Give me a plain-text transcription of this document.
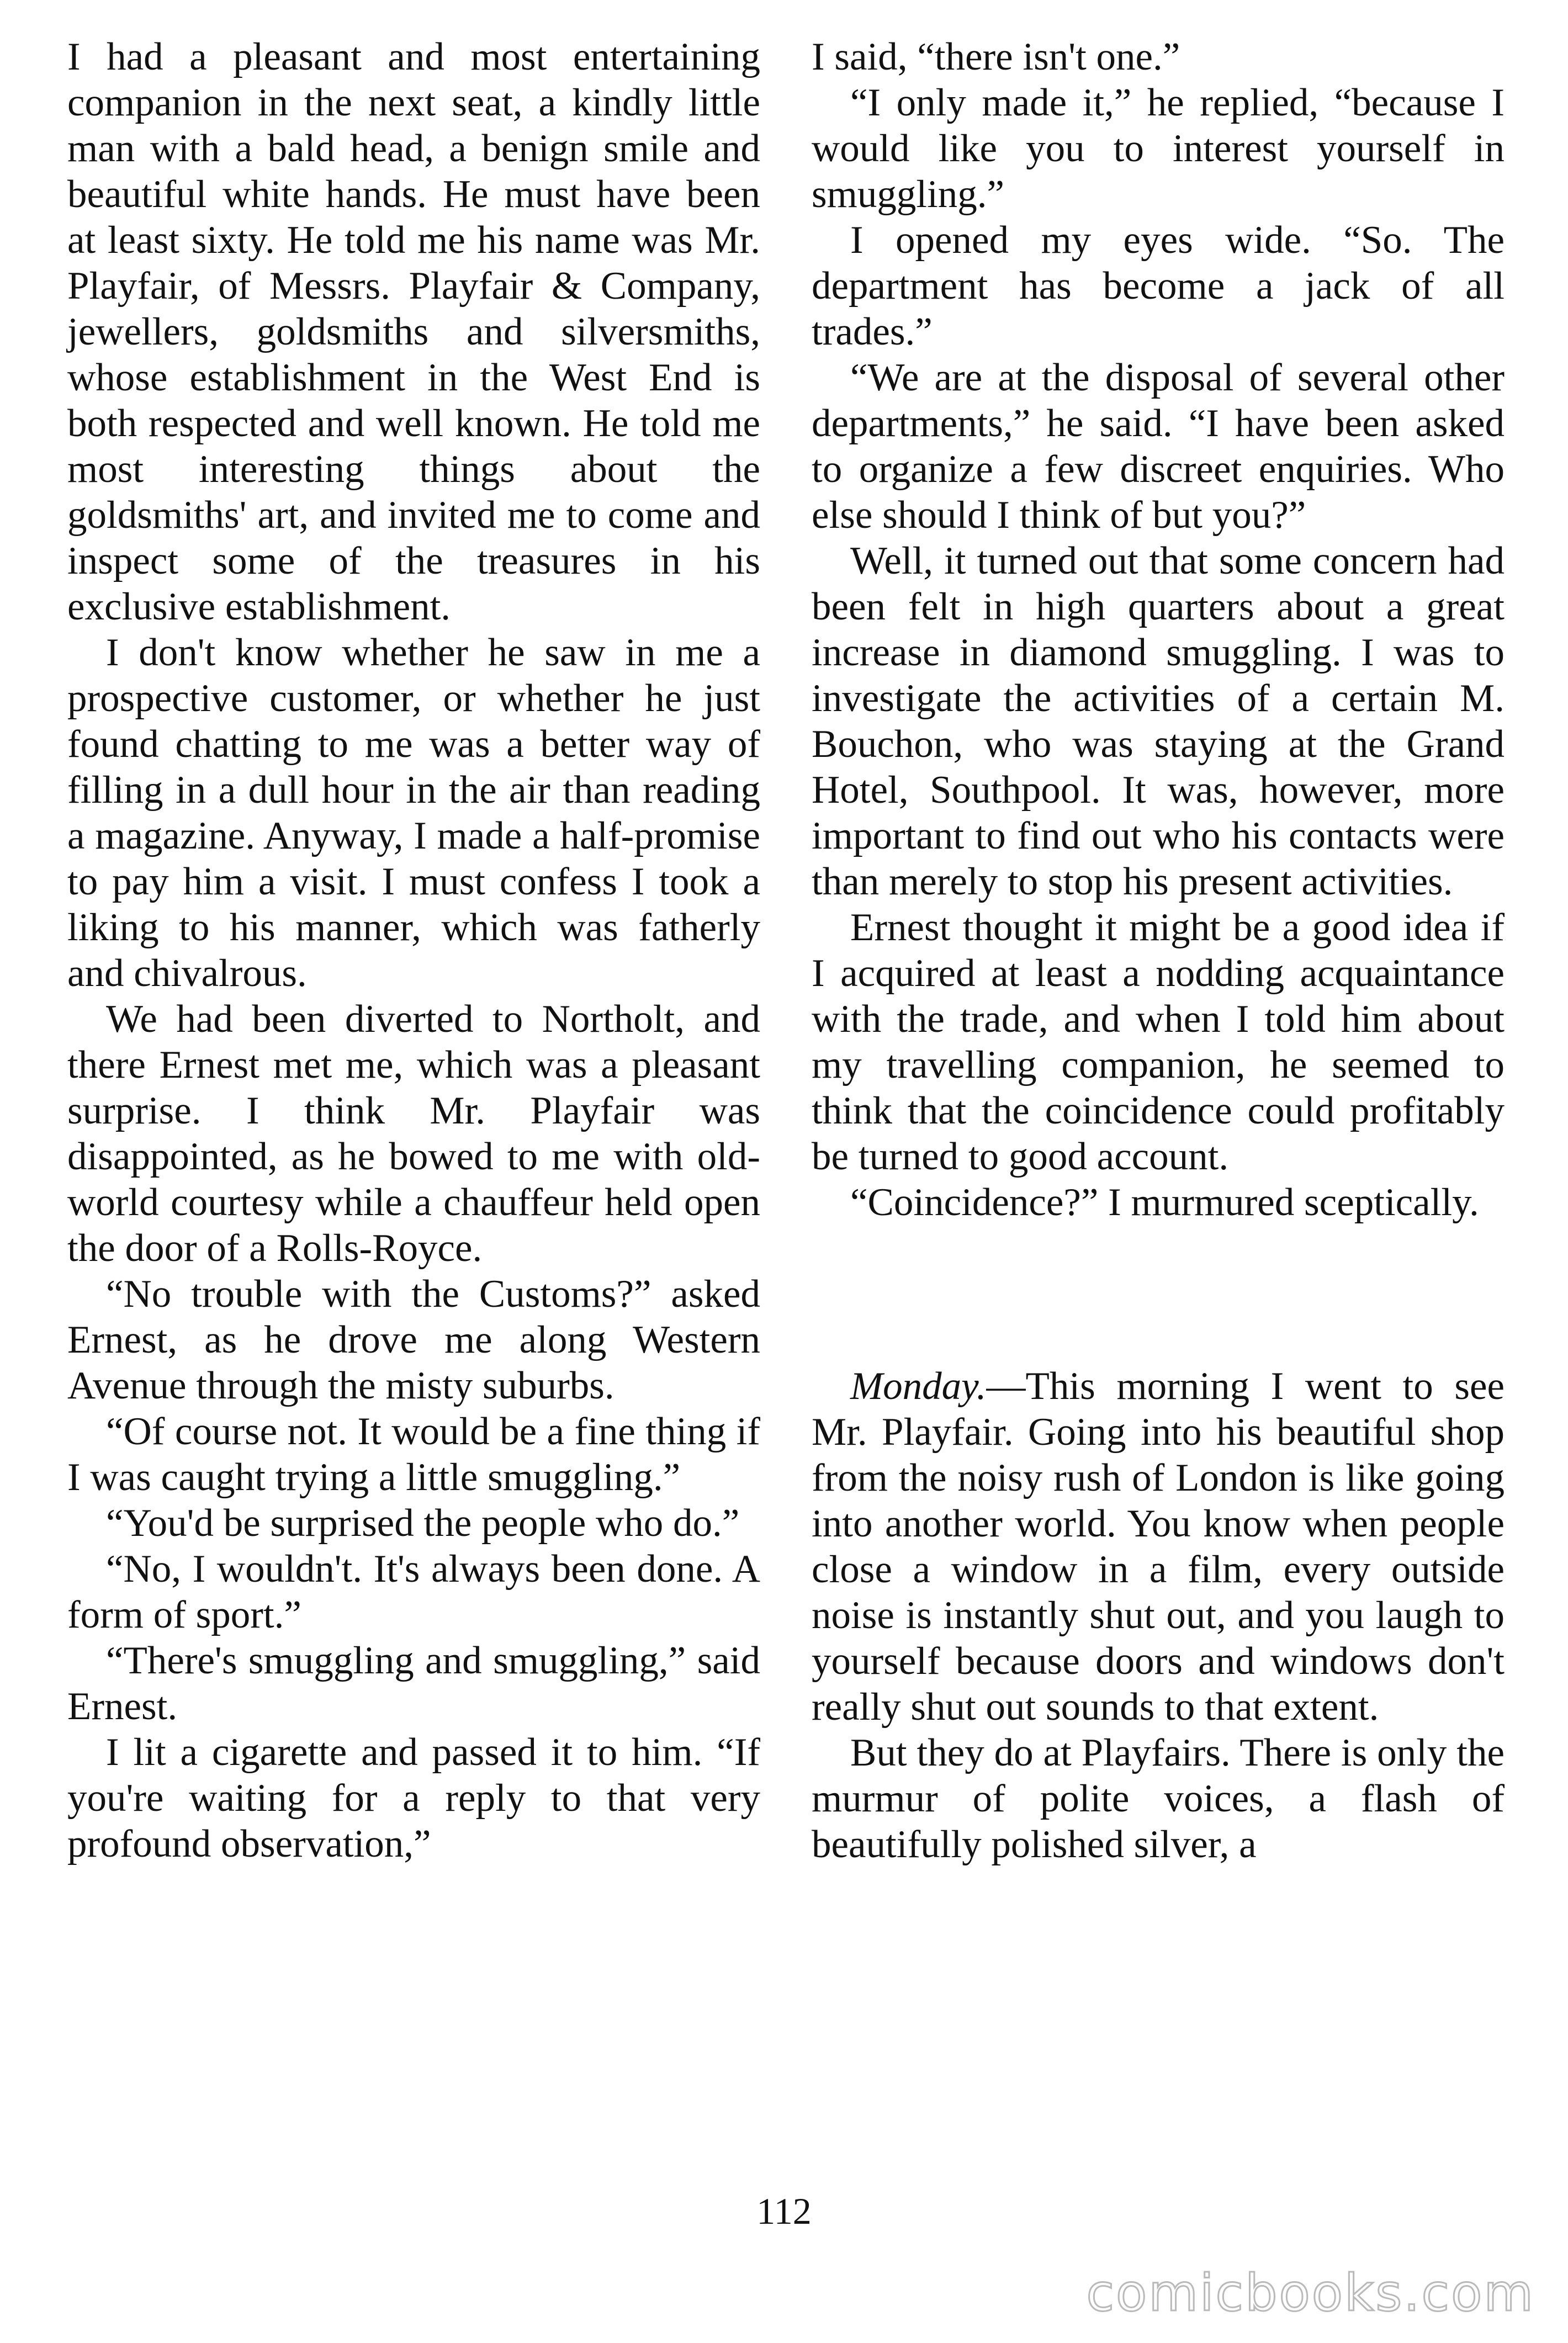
I had a pleasant and most entertaining companion in the next seat, a kindly little man with a bald head, a benign smile and beautiful white hands. He must have been at least sixty. He told me his name was Mr. Playfair, of Messrs. Playfair & Company, jewellers, goldsmiths and silversmiths, whose establishment in the West End is both respected and well known. He told me most interesting things about the goldsmiths' art, and invited me to come and inspect some of the treasures in his exclusive establishment.

I don't know whether he saw in me a prospective customer, or whether he just found chatting to me was a better way of filling in a dull hour in the air than reading a magazine. Anyway, I made a half-promise to pay him a visit. I must confess I took a liking to his manner, which was fatherly and chivalrous.

We had been diverted to Northolt, and there Ernest met me, which was a pleasant surprise. I think Mr. Playfair was disappointed, as he bowed to me with old-world courtesy while a chauffeur held open the door of a Rolls-Royce.

“No trouble with the Customs?” asked Ernest, as he drove me along Western Avenue through the misty suburbs.

“Of course not. It would be a fine thing if I was caught trying a little smuggling.”

“You'd be surprised the people who do.”

“No, I wouldn't. It's always been done. A form of sport.”

“There's smuggling and smuggling,” said Ernest.

I lit a cigarette and passed it to him. “If you're waiting for a reply to that very profound observation,”

I said, “there isn't one.”

“I only made it,” he replied, “because I would like you to interest yourself in smuggling.”

I opened my eyes wide. “So. The department has become a jack of all trades.”

“We are at the disposal of several other departments,” he said. “I have been asked to organize a few discreet enquiries. Who else should I think of but you?”

Well, it turned out that some concern had been felt in high quarters about a great increase in diamond smuggling. I was to investigate the activities of a certain M. Bouchon, who was staying at the Grand Hotel, Southpool. It was, however, more important to find out who his contacts were than merely to stop his present activities.

Ernest thought it might be a good idea if I acquired at least a nodding acquaintance with the trade, and when I told him about my travelling companion, he seemed to think that the coincidence could profitably be turned to good account.

“Coincidence?” I murmured sceptically.

Monday.—This morning I went to see Mr. Playfair. Going into his beautiful shop from the noisy rush of London is like going into another world. You know when people close a window in a film, every outside noise is instantly shut out, and you laugh to yourself because doors and windows don't really shut out sounds to that extent.

But they do at Playfairs. There is only the murmur of polite voices, a flash of beautifully polished silver, a

112
comicbooks.com
